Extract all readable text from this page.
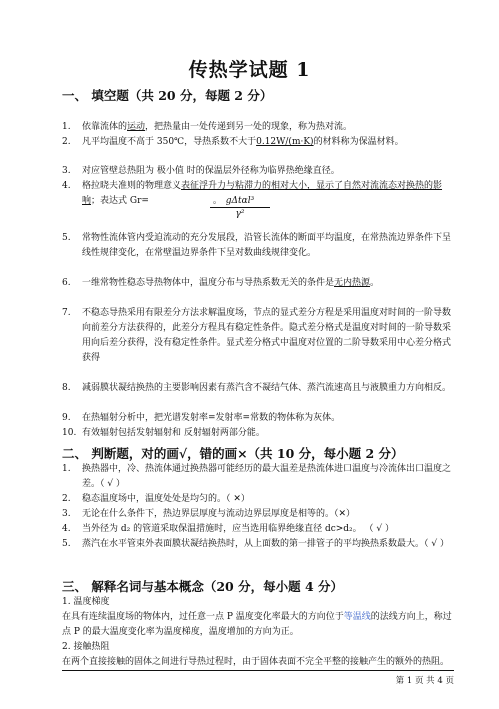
传热学试题 1
一、 填空题（共 20 分，每题 2 分）
1.	依靠流体的运动，把热量由一处传递到另一处的现象，称为热对流。
2.	凡平均温度不高于 350℃，导热系数不大于0.12W/(m·K)的材料称为保温材料。
3.	对应管壁总热阻为 极小值 时的保温层外径称为临界热绝缘直径。
4.	格拉晓夫准则的物理意义表征浮升力与粘滞力的相对大小，显示了自然对流流态对换热的影响；表达式 Gr=	。 gΔtαl³
γ²
5.	常物性流体管内受迫流动的充分发展段，沿管长流体的断面平均温度，在常热流边界条件下呈线性规律变化，在常壁温边界条件下呈对数曲线规律变化。
6.	一维常物性稳态导热物体中，温度分布与导热系数无关的条件是无内热源。
7.	不稳态导热采用有限差分方法求解温度场，节点的显式差分方程是采用温度对时间的一阶导数向前差分方法获得的，此差分方程具有稳定性条件。隐式差分格式是温度对时间的一阶导数采用向后差分获得，没有稳定性条件。显式差分格式中温度对位置的二阶导数采用中心差分格式获得
8.	减弱膜状凝结换热的主要影响因素有蒸汽含不凝结气体、蒸汽流速高且与液膜重力方向相反。
9.	在热辐射分析中，把光谱发射率=发射率=常数的物体称为灰体。
10. 有效辐射包括发射辐射和 反射辐射两部分能。
二、 判断题，对的画√，错的画×（共 10 分，每小题 2 分）
1.	换热器中，冷、热流体通过换热器可能经历的最大温差是热流体进口温度与冷流体出口温度之差。（ √ ）
2.	稳态温度场中，温度处处是均匀的。（ ✕）
3.	无论在什么条件下，热边界层厚度与流动边界层厚度是相等的。（✕）
4.	当外径为 d₂ 的管道采取保温措施时，应当选用临界绝缘直径 dc>d₂。 （ √ ）
5.	蒸汽在水平管束外表面膜状凝结换热时，从上面数的第一排管子的平均换热系数最大。（ √ ）
三、 解释名词与基本概念（20 分，每小题 4 分）
1. 温度梯度
在具有连续温度场的物体内，过任意一点 P 温度变化率最大的方向位于等温线的法线方向上，称过点 P 的最大温度变化率为温度梯度，温度增加的方向为正。
2. 接触热阻
在两个直接接触的固体之间进行导热过程时，由于固体表面不完全平整的接触产生的额外的热阻。
第 1 页 共 4 页
